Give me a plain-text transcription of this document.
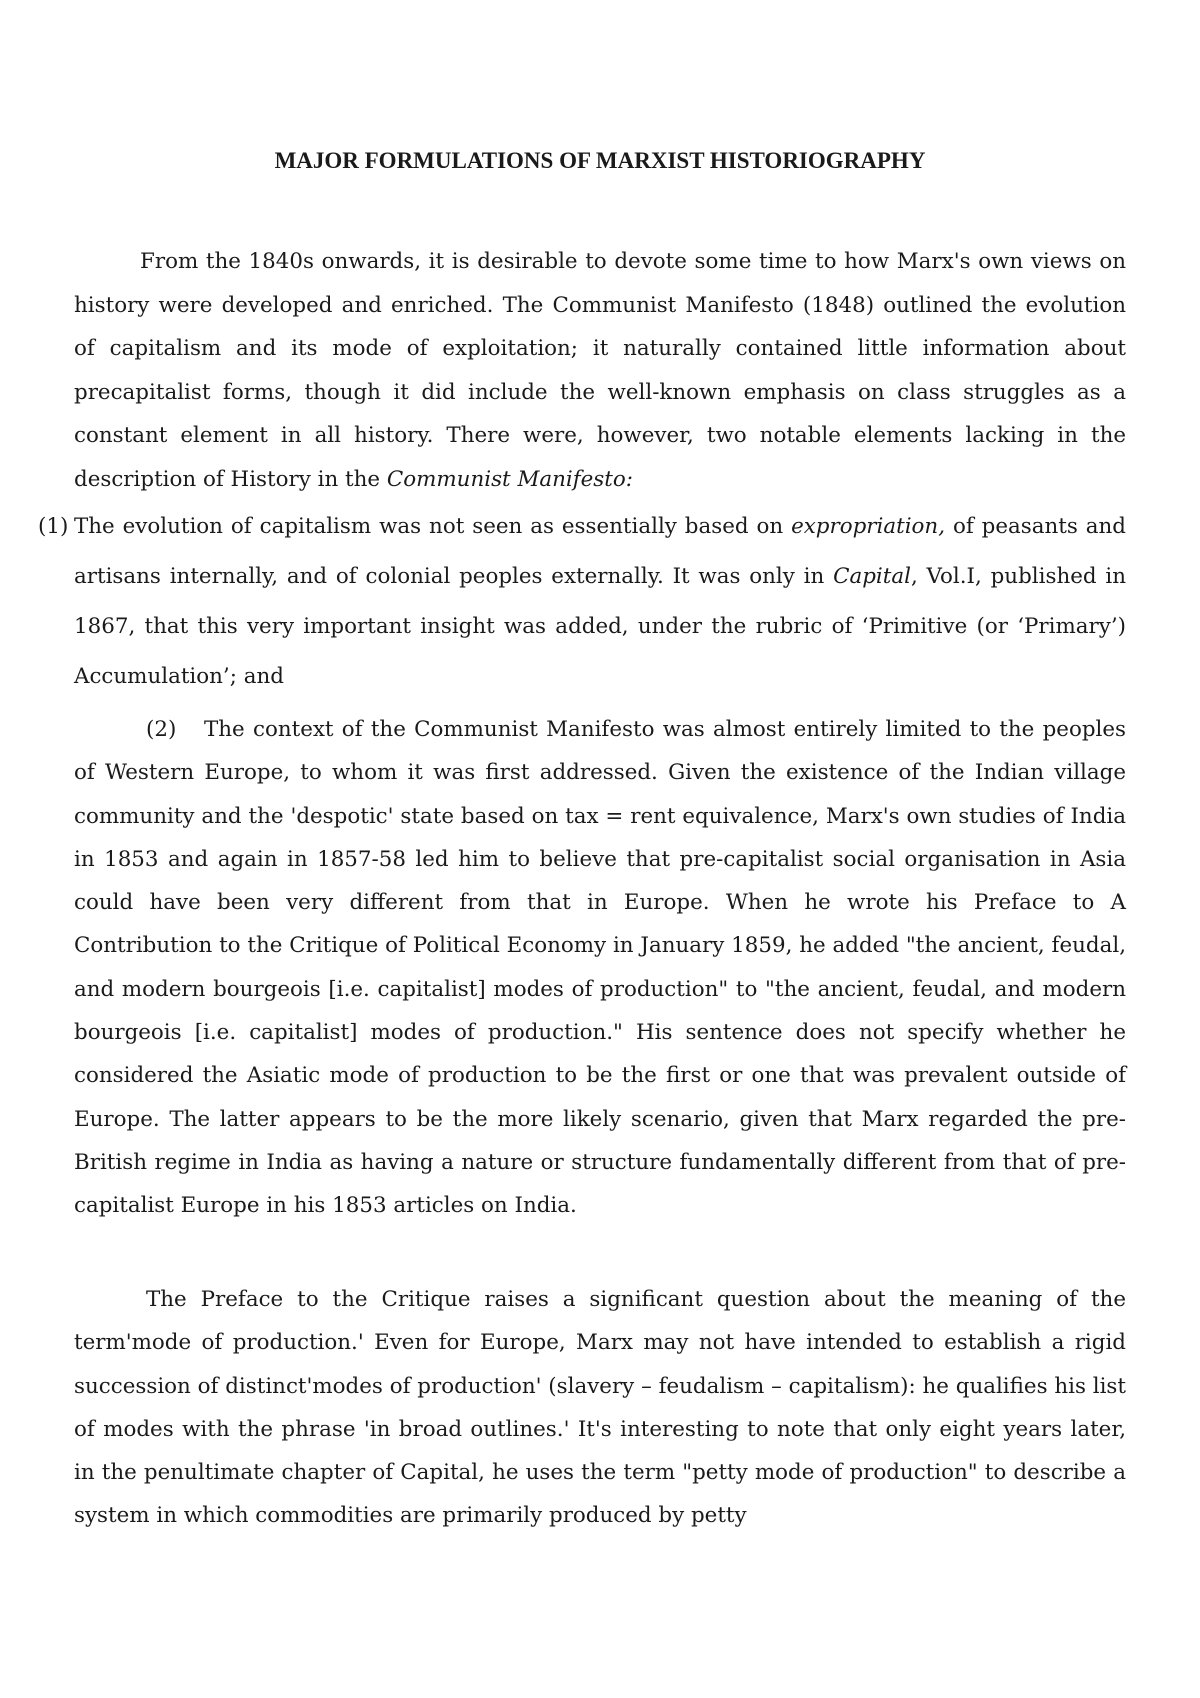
MAJOR FORMULATIONS OF MARXIST HISTORIOGRAPHY

From the 1840s onwards, it is desirable to devote some time to how Marx's own views on history were developed and enriched. The Communist Manifesto (1848) outlined the evolution of capitalism and its mode of exploitation; it naturally contained little information about precapitalist forms, though it did include the well-known emphasis on class struggles as a constant element in all history. There were, however, two notable elements lacking in the description of History in the Communist Manifesto:

(1) The evolution of capitalism was not seen as essentially based on expropriation, of peasants and artisans internally, and of colonial peoples externally. It was only in Capital, Vol.I, published in 1867, that this very important insight was added, under the rubric of ‘Primitive (or ‘Primary’) Accumulation’; and

(2) The context of the Communist Manifesto was almost entirely limited to the peoples of Western Europe, to whom it was first addressed. Given the existence of the Indian village community and the 'despotic' state based on tax = rent equivalence, Marx's own studies of India in 1853 and again in 1857-58 led him to believe that pre-capitalist social organisation in Asia could have been very different from that in Europe. When he wrote his Preface to A Contribution to the Critique of Political Economy in January 1859, he added "the ancient, feudal, and modern bourgeois [i.e. capitalist] modes of production" to "the ancient, feudal, and modern bourgeois [i.e. capitalist] modes of production." His sentence does not specify whether he considered the Asiatic mode of production to be the first or one that was prevalent outside of Europe. The latter appears to be the more likely scenario, given that Marx regarded the pre-British regime in India as having a nature or structure fundamentally different from that of pre-capitalist Europe in his 1853 articles on India.

The Preface to the Critique raises a significant question about the meaning of the term'mode of production.' Even for Europe, Marx may not have intended to establish a rigid succession of distinct'modes of production' (slavery – feudalism – capitalism): he qualifies his list of modes with the phrase 'in broad outlines.' It's interesting to note that only eight years later, in the penultimate chapter of Capital, he uses the term "petty mode of production" to describe a system in which commodities are primarily produced by petty
